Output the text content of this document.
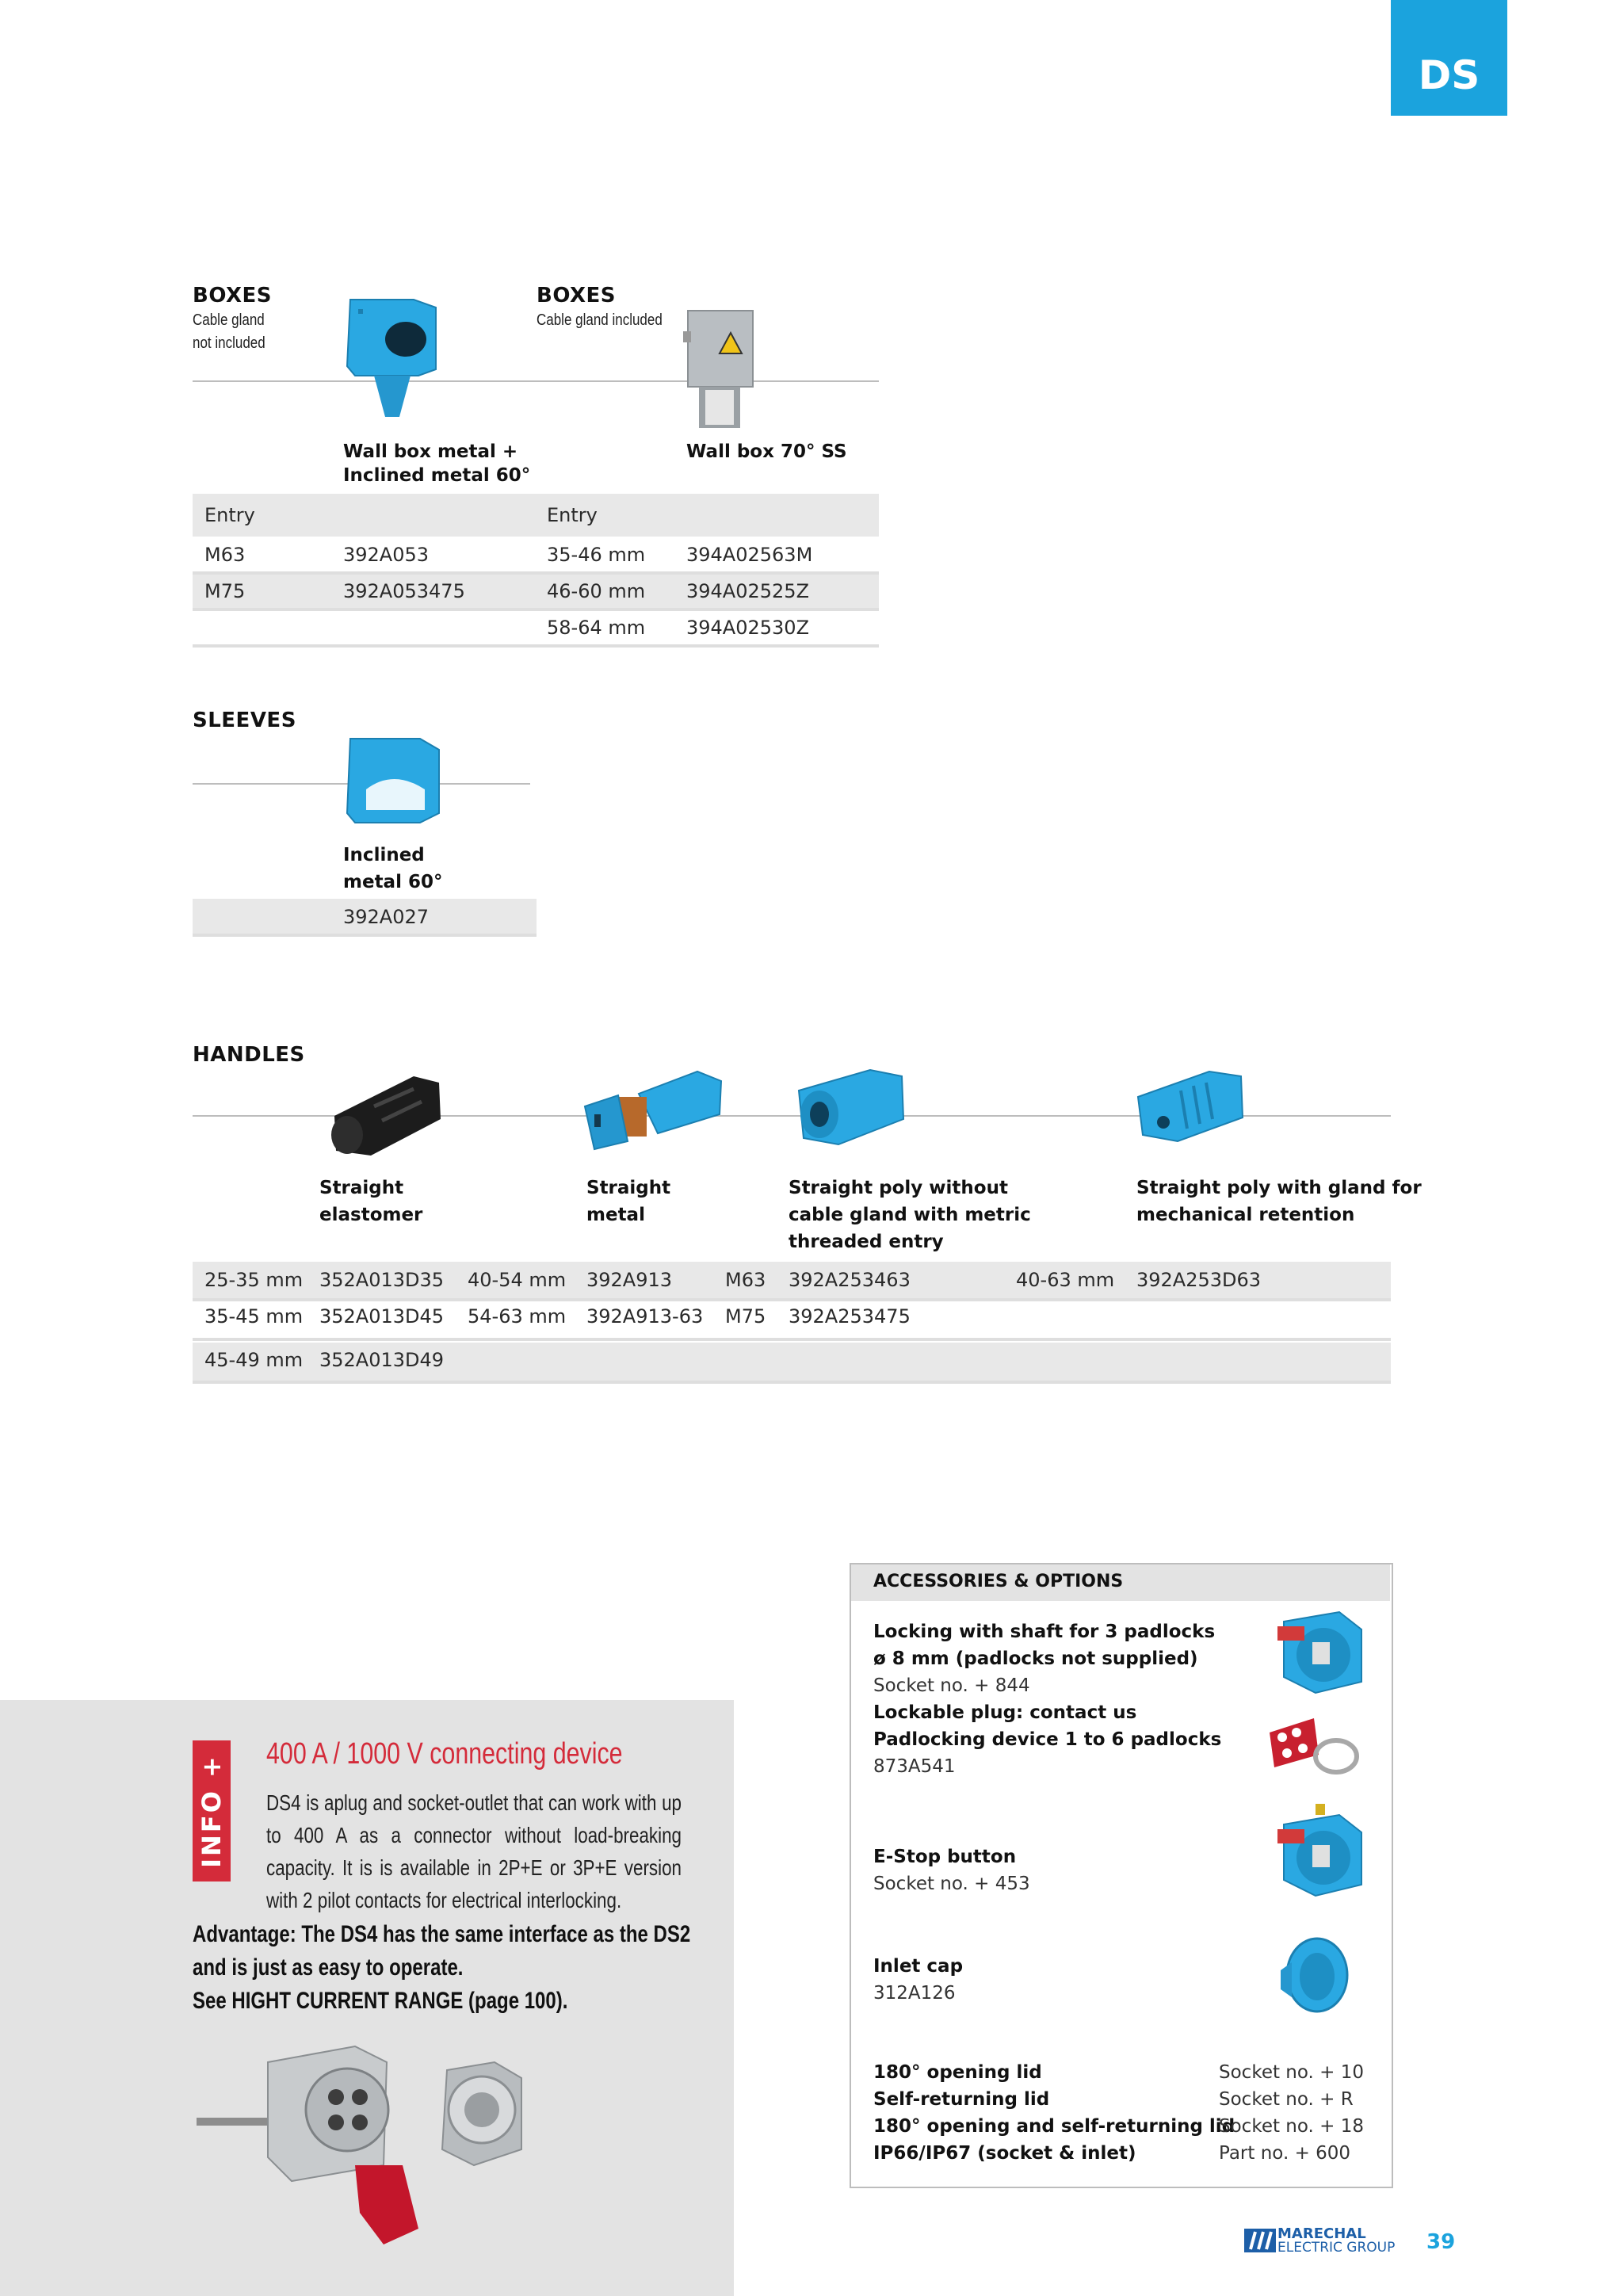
DS
BOXES
Cable gland
not included
BOXES
Cable gland included
Wall box metal +
Inclined metal 60°
Wall box 70° SS
Entry	Entry
M63	392A053	35-46 mm 394A02563M
M75	392A053475	46-60 mm 394A02525Z
58-64 mm 394A02530Z
SLEEVES
Inclined
metal 60°
392A027
HANDLES
Straight
elastomer
Straight
metal
Straight poly without
cable gland with metric
threaded entry
Straight poly with gland for
mechanical retention
25-35 mm 352A013D35 40-54 mm 392A913	M63 392A253463	40-63 mm 392A253D63
35-45 mm 352A013D45 54-63 mm 392A913-63 M75 392A253475
45-49 mm 352A013D49
INFO +
400 A / 1000 V connecting device
DS4 is aplug and socket-outlet that can work with up to 400 A as a connector without load-breaking capacity. It is is available in 2P+E or 3P+E version with 2 pilot contacts for electrical interlocking.
Advantage: The DS4 has the same interface as the DS2
and is just as easy to operate.
See HIGHT CURRENT RANGE (page 100).
ACCESSORIES & OPTIONS
Locking with shaft for 3 padlocks
ø 8 mm (padlocks not supplied)
Socket no. + 844
Lockable plug: contact us
Padlocking device 1 to 6 padlocks
873A541
E-Stop button
Socket no. + 453
Inlet cap
312A126
180° opening lid	Socket no. + 10
Self-returning lid	Socket no. + R
180° opening and self-returning lid
Socket no. + 18
IP66/IP67 (socket & inlet)	Part no. + 600
MARECHAL
ELECTRIC GROUP 39
